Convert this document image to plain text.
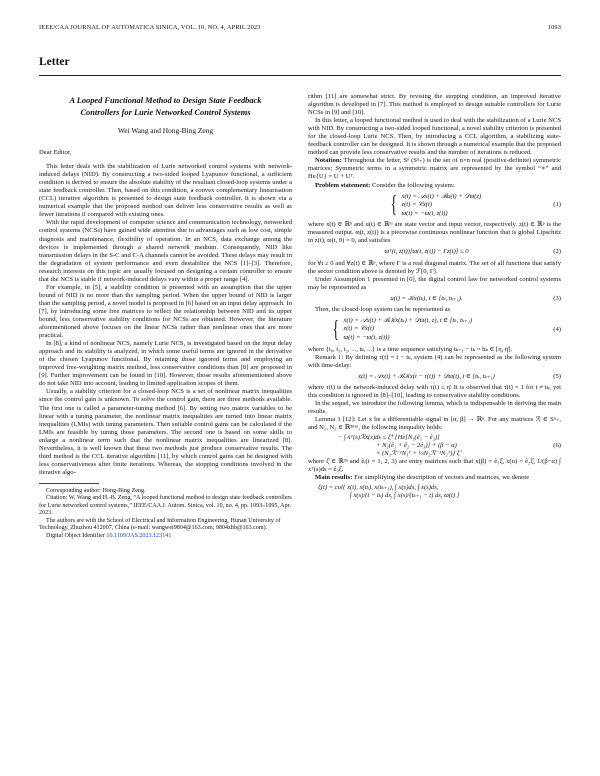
IEEE/CAA JOURNAL OF AUTOMATICA SINICA, VOL. 10, NO. 4, APRIL 2023	1093
Letter
A Looped Functional Method to Design State Feedback
Controllers for Lurie Networked Control Systems
Wei Wang and Hong-Bing Zeng
Dear Editor,

This letter deals with the stabilization of Lurie networked control systems with network-induced delays (NID). By constructing a two-sided looped Lyapunov functional, a sufficient condition is derived to ensure the absolute stability of the resultant closed-loop systems under a state feedback controller. Then, based on this condition, a convex complementary linearisation (CCL) iterative algorithm is presented to design state feedback controller. It is shown via a numerical example that the proposed method can deliver less conservative results as well as fewer iterations if compared with existing ones.

With the rapid development of computer science and communication technology, networked control systems (NCSs) have gained wide attention due to advantages such as low cost, simple diagnosis and maintenance, flexibility of operation. In an NCS, data exchange among the devices is implemented through a shared network medium. Consequently, NID like transmission delays in the S-C and C-A channels cannot be avoided. These delays may result in the degradation of system performance and even destabilize the NCS [1]–[3]. Therefore, research interests on this topic are usually focused on designing a certain controller to ensure that the NCS is stable if network-induced delays vary within a proper range [4].

For example, in [5], a stability condition is presented with an assumption that the upper bound of NID is no more than the sampling period. When the upper bound of NID is larger than the sampling period, a novel model is proposed in [6] based on an input delay approach. In [7], by introducing some free matrices to reflect the relationship between NID and its upper bound, less conservative stability conditions for NCSs are obtained. However, the literature aforementioned above focuses on the linear NCSs rather than nonlinear ones that are more practical.

In [8], a kind of nonlinear NCS, namely Lurie NCS, is investigated based on the input delay approach and its stability is analyzed, in which some useful terms are ignored in the derivative of the chosen Lyapunov functional. By retaining those ignored terms and employing an improved free-weighting matrix method, less conservative conditions than [8] are proposed in [9]. Further improvement can be found in [10]. However, those results aforementioned above do not take NID into account, leading to limited application scopes of them.

Usually, a stability criterion for a closed-loop NCS is a set of nonlinear matrix inequalities since the control gain is unknown. To solve the control gain, there are three methods available. The first one is called a parameter-tuning method [6]. By setting two matrix variables to be linear with a tuning parameter, the nonlinear matrix inequalities are turned into linear matrix inequalities (LMIs) with tuning parameters. Then suitable control gains can be calculated if the LMIs are feasible by tuning those parameters. The second one is based on some skills to enlarge a nonlinear term such that the nonlinear matrix inequalities are linearized [8]. Nevertheless, it is well known that these two methods just produce conservative results. The third method is the CCL iterative algorithm [11], by which control gains can be designed with less conservativeness after finite iterations. Whereas, the stopping conditions involved in the iterative algo-

Corresponding author: Hong-Bing Zeng.

Citation: W. Wang and H.-B. Zeng, “A looped functional method to design state feedback controllers for Lurie networked control systems,” IEEE/CAA J. Autom. Sinica, vol. 10, no. 4, pp. 1093–1095, Apr. 2023.

The authors are with the School of Electrical and Information Engineering, Hunan University of Technology, Zhuzhou 412007, China (e-mail: wangwei9804@163.com; 9804zhb@163.com).

Digital Object Identifier 10.1109/JAS.2023.123141

rithm [11] are somewhat strict. By revising the stopping condition, an improved iterative algorithm is developed in [7]. This method is employed to design suitable controllers for Lurie NCSs in [9] and [10].

In this letter, a looped functional method is used to deal with the stabilization of a Lurie NCS with NID. By constructing a two-sided looped functional, a novel stability criterion is presented for the closed-loop Lurie NCS. Then, by introducing a CCL algorithm, a stabilizing state-feedback controller can be designed. It is shown through a numerical example that the proposed method can provide less conservative results and the number of iterations is reduced.

Notation: Throughout the letter, Sⁿ (Sⁿ₊) is the set of n×n real (positive-definite) symmetric matrices; Symmetric terms in a symmetric matrix are represented by the symbol “∗” and He{U} = U + Uᵀ.

Problem statement: Consider the following system:

{ ẋ(t) = 𝒜x(t) + ℬu(t) + 𝒟ϖ(z)
z(t) = 𝒞x(t)
ϖ(t) = −ϖ(t, z(t))
(1)

where x(t) ∈ ℝⁿ and u(t) ∈ ℝᵐ are state vector and input vector, respectively. z(t) ∈ ℝᵖ is the measured output. ϖ(t, z(t)) is a piecewise continuous nonlinear function that is global Lipschitz in z(t), ϖ(t, 0) = 0, and satisfies

ϖᵀ(t, z(t))[ϖ(t, z(t)) − Γz(t)] ≤ 0	(2)

for ∀t ≥ 0 and ∀z(t) ∈ ℝᵖ, where Γ is a real diagonal matrix. The set of all functions that satisfy the sector condition above is denoted by ℱ[0, Γ].

Under Assumption 1 presented in [6], the digital control law for networked control systems may be represented as

u(t) = 𝒦x(tₖ), t ∈ [tₖ, tₖ₊₁).	(3)

Then, the closed-loop system can be represented as

{ ẋ(t) = 𝒜x(t) + ℬ𝒦x(tₖ) + 𝒟ϖ(t, z), t ∈ [tₖ, tₖ₊₁)
z(t) = 𝒞x(t)
ϖ(t) = −ϖ(t, z(t))
(4)

where {t₀, t₁, t₂, ..., tₖ, ...} is a time sequence satisfying tₖ₊₁ − tₖ = hₖ ∈ [η, η̄].

Remark 1: By defining τ(t) = t − tₖ, system (4) can be represented as the following system with time-delay:

ẋ(t) = 𝒜x(t) + ℬ𝒦x(t − τ(t)) + 𝒟ϖ(t), t ∈ [tₖ, tₖ₊₁)	(5)

where τ(t) is the network-induced delay with τ(t) ≤ η̄. It is observed that τ̇(t) = 1 for t ≠ tₖ, yet this condition is ignored in [8]–[10], leading to conservative stability conditions.

In the sequel, we introduce the following lemma, which is indispensable in deriving the main results.

Lemma 1 [12]: Let x be a differentiable signal in [α, β] → ℝⁿ. For any matrices ℛ ∈ Sⁿ₊, and N₁, N₂ ∈ ℝ³ⁿˣⁿ, the following inequality holds:

− ∫ ẋᵀ(s)ℛẋ(s)ds ≤ ξ̂ᵀ {He[N₁(ê₁ − ê₂)]
+ N₂(ê₁ + ê₂ − 2ê₃)] + (β − α)
× (N₁ℛ⁻¹N₁ᵀ + ⅓N₂ℛ⁻¹N₂ᵀ)} ξ̂
(6)

where ξ̂ ∈ ℝ³ⁿ and êᵢ(i = 1, 2, 3) are entry matrices such that x(β) = ê₁ξ̂, x(α) = ê₂ξ̂, 1/(β−α) ∫ xᵀ(s)ds = ê₃ξ̂.

Main results: For simplifying the description of vectors and matrices, we denote

ξ(t) = col{ x(t), x(tₖ), x(tₖ₊₁), ∫ x(s)ds, ∫ x(s)ds,
∫ x(s)/(t − tₖ) ds, ∫ x(s)/(tₖ₊₁ − t) ds, ϖ(t) }
